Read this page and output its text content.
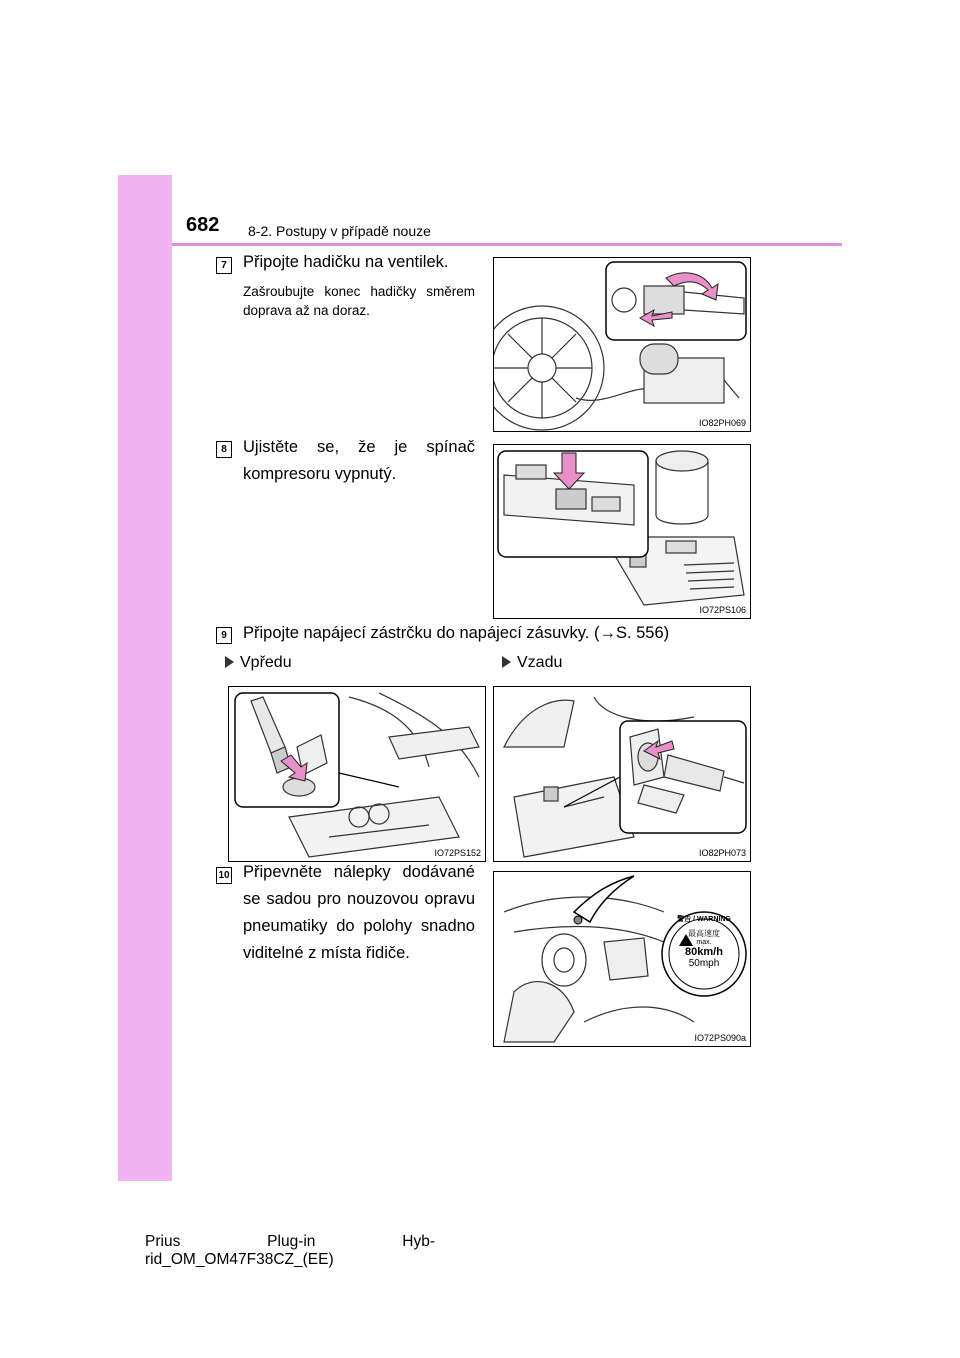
682 8-2. Postupy v případě nouze
7 Připojte hadičku na ventilek.
Zašroubujte konec hadičky směrem doprava až na doraz.
IO82PH069
8 Ujistěte se, že je spínač kompresoru vypnutý.
IO72PS106
9 Připojte napájecí zástrčku do napájecí zásuvky. (→S. 556)
Vpředu	Vzadu
IO72PS152	IO82PH073
10 Připevněte nálepky dodávané se sadou pro nouzovou opravu pneumatiky do polohy snadno viditelné z místa řidiče.
警告 / WARNING
最高速度
max.
80km/h
50mph
IO72PS090a
Prius	Plug-in	Hyb-
rid_OM_OM47F38CZ_(EE)
